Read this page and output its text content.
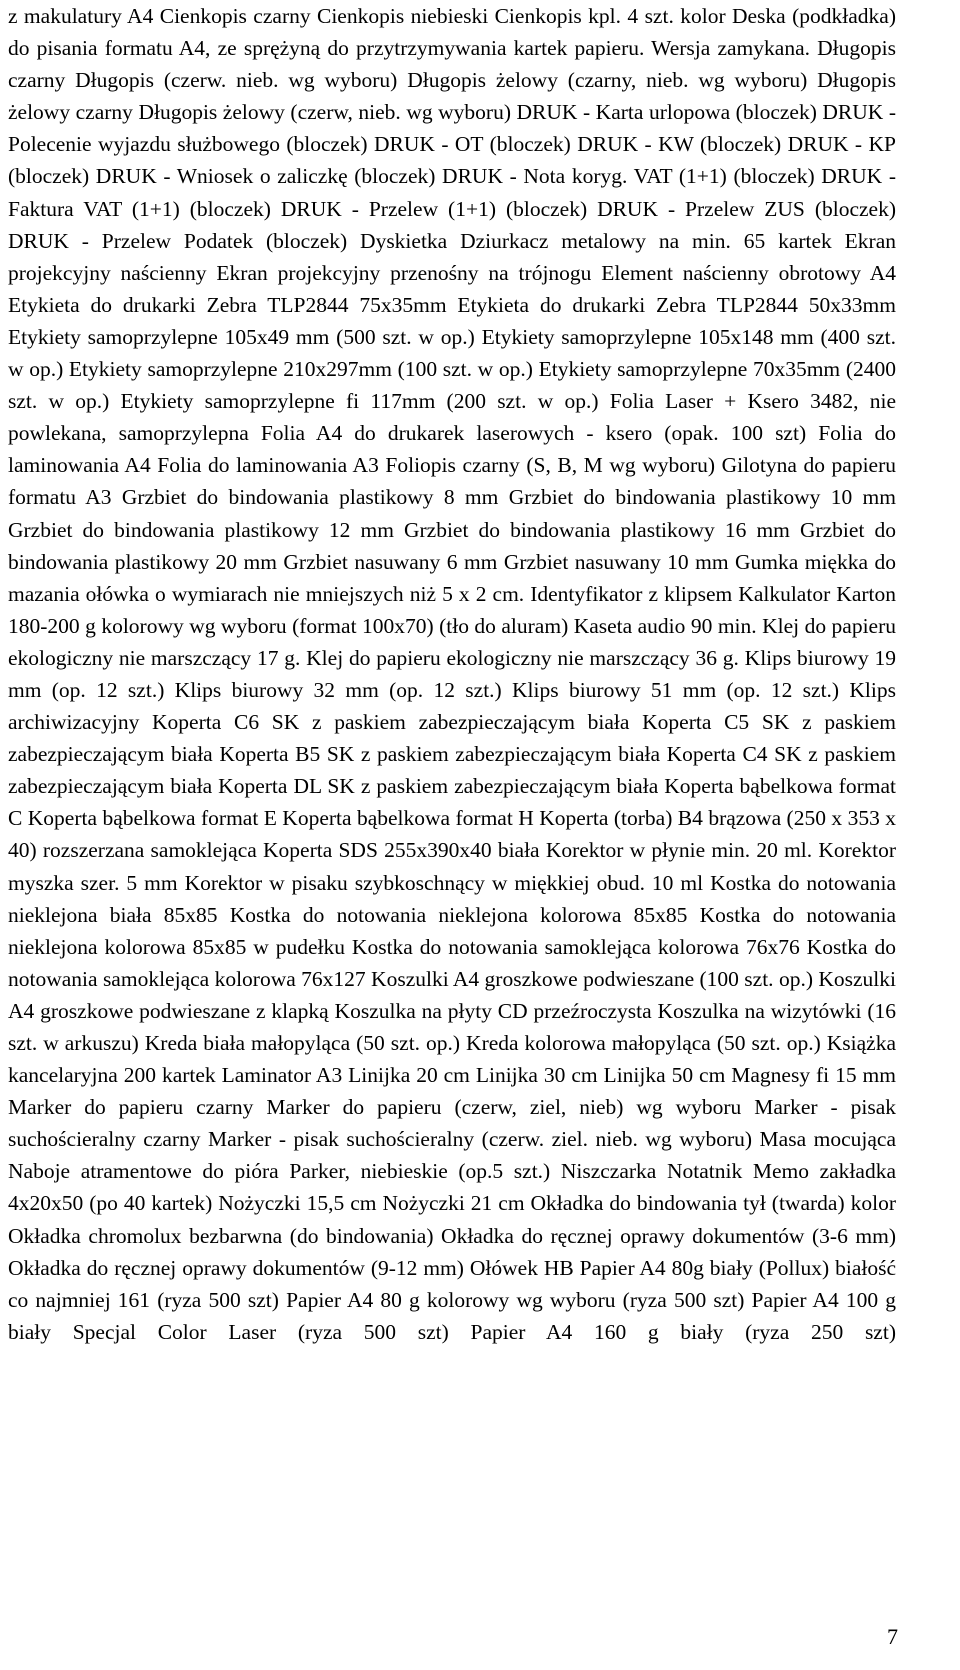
z makulatury A4 Cienkopis czarny Cienkopis niebieski Cienkopis kpl. 4 szt. kolor Deska (podkładka) do pisania formatu A4, ze sprężyną do przytrzymywania kartek papieru. Wersja zamykana. Długopis czarny Długopis (czerw. nieb. wg wyboru) Długopis żelowy (czarny, nieb. wg wyboru) Długopis żelowy czarny Długopis żelowy (czerw, nieb. wg wyboru) DRUK - Karta urlopowa (bloczek) DRUK - Polecenie wyjazdu służbowego (bloczek) DRUK - OT (bloczek) DRUK - KW (bloczek) DRUK - KP (bloczek) DRUK - Wniosek o zaliczkę (bloczek) DRUK - Nota koryg. VAT (1+1) (bloczek) DRUK - Faktura VAT (1+1) (bloczek) DRUK - Przelew (1+1) (bloczek) DRUK - Przelew ZUS (bloczek) DRUK - Przelew Podatek (bloczek) Dyskietka Dziurkacz metalowy na min. 65 kartek Ekran projekcyjny naścienny Ekran projekcyjny przenośny na trójnogu Element naścienny obrotowy A4 Etykieta do drukarki Zebra TLP2844 75x35mm Etykieta do drukarki Zebra TLP2844 50x33mm Etykiety samoprzylepne 105x49 mm (500 szt. w op.) Etykiety samoprzylepne 105x148 mm (400 szt. w op.) Etykiety samoprzylepne 210x297mm (100 szt. w op.) Etykiety samoprzylepne 70x35mm (2400 szt. w op.) Etykiety samoprzylepne fi 117mm (200 szt. w op.) Folia Laser + Ksero 3482, nie powlekana, samoprzylepna Folia A4 do drukarek laserowych - ksero (opak. 100 szt) Folia do laminowania A4 Folia do laminowania A3 Foliopis czarny (S, B, M wg wyboru) Gilotyna do papieru formatu A3 Grzbiet do bindowania plastikowy 8 mm Grzbiet do bindowania plastikowy 10 mm Grzbiet do bindowania plastikowy 12 mm Grzbiet do bindowania plastikowy 16 mm Grzbiet do bindowania plastikowy 20 mm Grzbiet nasuwany 6 mm Grzbiet nasuwany 10 mm Gumka miękka do mazania ołówka o wymiarach nie mniejszych niż 5 x 2 cm. Identyfikator z klipsem Kalkulator Karton 180-200 g kolorowy wg wyboru (format 100x70) (tło do aluram) Kaseta audio 90 min. Klej do papieru ekologiczny nie marszczący 17 g. Klej do papieru ekologiczny nie marszczący 36 g. Klips biurowy 19 mm (op. 12 szt.) Klips biurowy 32 mm (op. 12 szt.) Klips biurowy 51 mm (op. 12 szt.) Klips archiwizacyjny Koperta C6 SK z paskiem zabezpieczającym biała Koperta C5 SK z paskiem zabezpieczającym biała Koperta B5 SK z paskiem zabezpieczającym biała Koperta C4 SK z paskiem zabezpieczającym biała Koperta DL SK z paskiem zabezpieczającym biała Koperta bąbelkowa format C Koperta bąbelkowa format E Koperta bąbelkowa format H Koperta (torba) B4 brązowa (250 x 353 x 40) rozszerzana samoklejąca Koperta SDS 255x390x40 biała Korektor w płynie min. 20 ml. Korektor myszka szer. 5 mm Korektor w pisaku szybkoschnący w miękkiej obud. 10 ml Kostka do notowania nieklejona biała 85x85 Kostka do notowania nieklejona kolorowa 85x85 Kostka do notowania nieklejona kolorowa 85x85 w pudełku Kostka do notowania samoklejąca kolorowa 76x76 Kostka do notowania samoklejąca kolorowa 76x127 Koszulki A4 groszkowe podwieszane (100 szt. op.) Koszulki A4 groszkowe podwieszane z klapką Koszulka na płyty CD przeźroczysta Koszulka na wizytówki (16 szt. w arkuszu) Kreda biała małopyląca (50 szt. op.) Kreda kolorowa małopyląca (50 szt. op.) Książka kancelaryjna 200 kartek Laminator A3 Linijka 20 cm Linijka 30 cm Linijka 50 cm Magnesy fi 15 mm Marker do papieru czarny Marker do papieru (czerw, ziel, nieb) wg wyboru Marker - pisak suchościeralny czarny Marker - pisak suchościeralny (czerw. ziel. nieb. wg wyboru) Masa mocująca Naboje atramentowe do pióra Parker, niebieskie (op.5 szt.) Niszczarka Notatnik Memo zakładka 4x20x50 (po 40 kartek) Nożyczki 15,5 cm Nożyczki 21 cm Okładka do bindowania tył (twarda) kolor Okładka chromolux bezbarwna (do bindowania) Okładka do ręcznej oprawy dokumentów (3-6 mm) Okładka do ręcznej oprawy dokumentów (9-12 mm) Ołówek HB Papier A4 80g biały (Pollux) białość co najmniej 161 (ryza 500 szt) Papier A4 80 g kolorowy wg wyboru (ryza 500 szt) Papier A4 100 g biały Specjal Color Laser (ryza 500 szt) Papier A4 160 g biały (ryza 250 szt)

7
